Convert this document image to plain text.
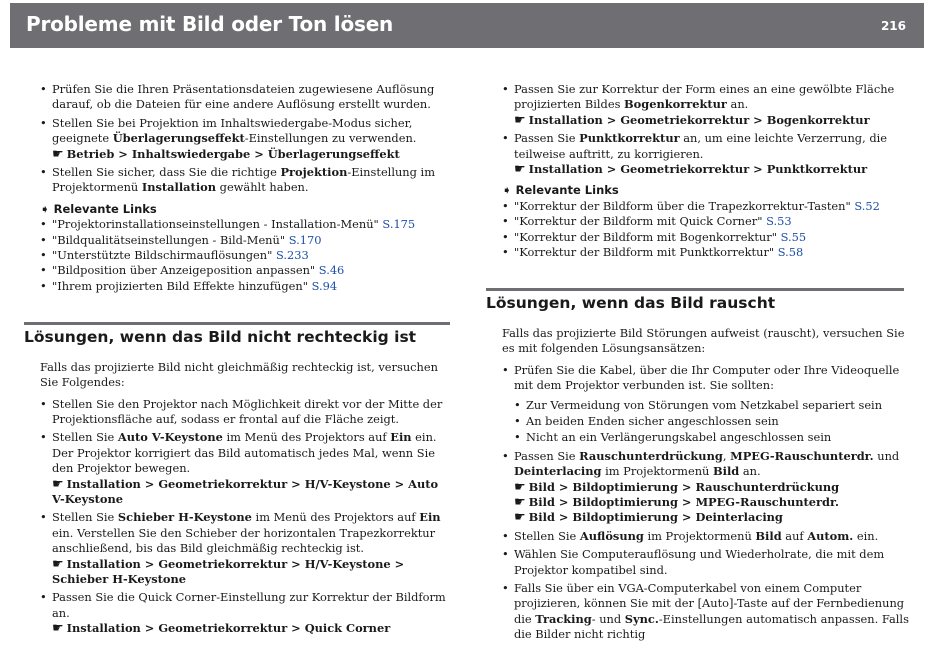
Probleme mit Bild oder Ton lösen	216
• Prüfen Sie die Ihren Präsentationsdateien zugewiesene Auflösung darauf, ob die Dateien für eine andere Auflösung erstellt wurden.
• Stellen Sie bei Projektion im Inhaltswiedergabe-Modus sicher, geeignete Überlagerungseffekt-Einstellungen zu verwenden.
☛ Betrieb > Inhaltswiedergabe > Überlagerungseffekt
• Stellen Sie sicher, dass Sie die richtige Projektion-Einstellung im Projektormenü Installation gewählt haben.
➧ Relevante Links
• "Projektorinstallationseinstellungen - Installation-Menü" S.175
• "Bildqualitätseinstellungen - Bild-Menü" S.170
• "Unterstützte Bildschirmauflösungen" S.233
• "Bildposition über Anzeigeposition anpassen" S.46
• "Ihrem projizierten Bild Effekte hinzufügen" S.94
Lösungen, wenn das Bild nicht rechteckig ist
Falls das projizierte Bild nicht gleichmäßig rechteckig ist, versuchen Sie Folgendes:
• Stellen Sie den Projektor nach Möglichkeit direkt vor der Mitte der Projektionsfläche auf, sodass er frontal auf die Fläche zeigt.
• Stellen Sie Auto V-Keystone im Menü des Projektors auf Ein ein. Der Projektor korrigiert das Bild automatisch jedes Mal, wenn Sie den Projektor bewegen.
☛ Installation > Geometriekorrektur > H/V-Keystone > Auto V-Keystone
• Stellen Sie Schieber H-Keystone im Menü des Projektors auf Ein ein. Verstellen Sie den Schieber der horizontalen Trapezkorrektur anschließend, bis das Bild gleichmäßig rechteckig ist.
☛ Installation > Geometriekorrektur > H/V-Keystone > Schieber H-Keystone
• Passen Sie die Quick Corner-Einstellung zur Korrektur der Bildform an.
☛ Installation > Geometriekorrektur > Quick Corner
• Passen Sie zur Korrektur der Form eines an eine gewölbte Fläche projizierten Bildes Bogenkorrektur an.
☛ Installation > Geometriekorrektur > Bogenkorrektur
• Passen Sie Punktkorrektur an, um eine leichte Verzerrung, die teilweise auftritt, zu korrigieren.
☛ Installation > Geometriekorrektur > Punktkorrektur
➧ Relevante Links
• "Korrektur der Bildform über die Trapezkorrektur-Tasten" S.52
• "Korrektur der Bildform mit Quick Corner" S.53
• "Korrektur der Bildform mit Bogenkorrektur" S.55
• "Korrektur der Bildform mit Punktkorrektur" S.58
Lösungen, wenn das Bild rauscht
Falls das projizierte Bild Störungen aufweist (rauscht), versuchen Sie es mit folgenden Lösungsansätzen:
• Prüfen Sie die Kabel, über die Ihr Computer oder Ihre Videoquelle mit dem Projektor verbunden ist. Sie sollten:
• Zur Vermeidung von Störungen vom Netzkabel separiert sein
• An beiden Enden sicher angeschlossen sein
• Nicht an ein Verlängerungskabel angeschlossen sein
• Passen Sie Rauschunterdrückung, MPEG-Rauschunterdr. und Deinterlacing im Projektormenü Bild an.
☛ Bild > Bildoptimierung > Rauschunterdrückung
☛ Bild > Bildoptimierung > MPEG-Rauschunterdr.
☛ Bild > Bildoptimierung > Deinterlacing
• Stellen Sie Auflösung im Projektormenü Bild auf Autom. ein.
• Wählen Sie Computerauflösung und Wiederholrate, die mit dem Projektor kompatibel sind.
• Falls Sie über ein VGA-Computerkabel von einem Computer projizieren, können Sie mit der [Auto]-Taste auf der Fernbedienung die Tracking- und Sync.-Einstellungen automatisch anpassen. Falls die Bilder nicht richtig
